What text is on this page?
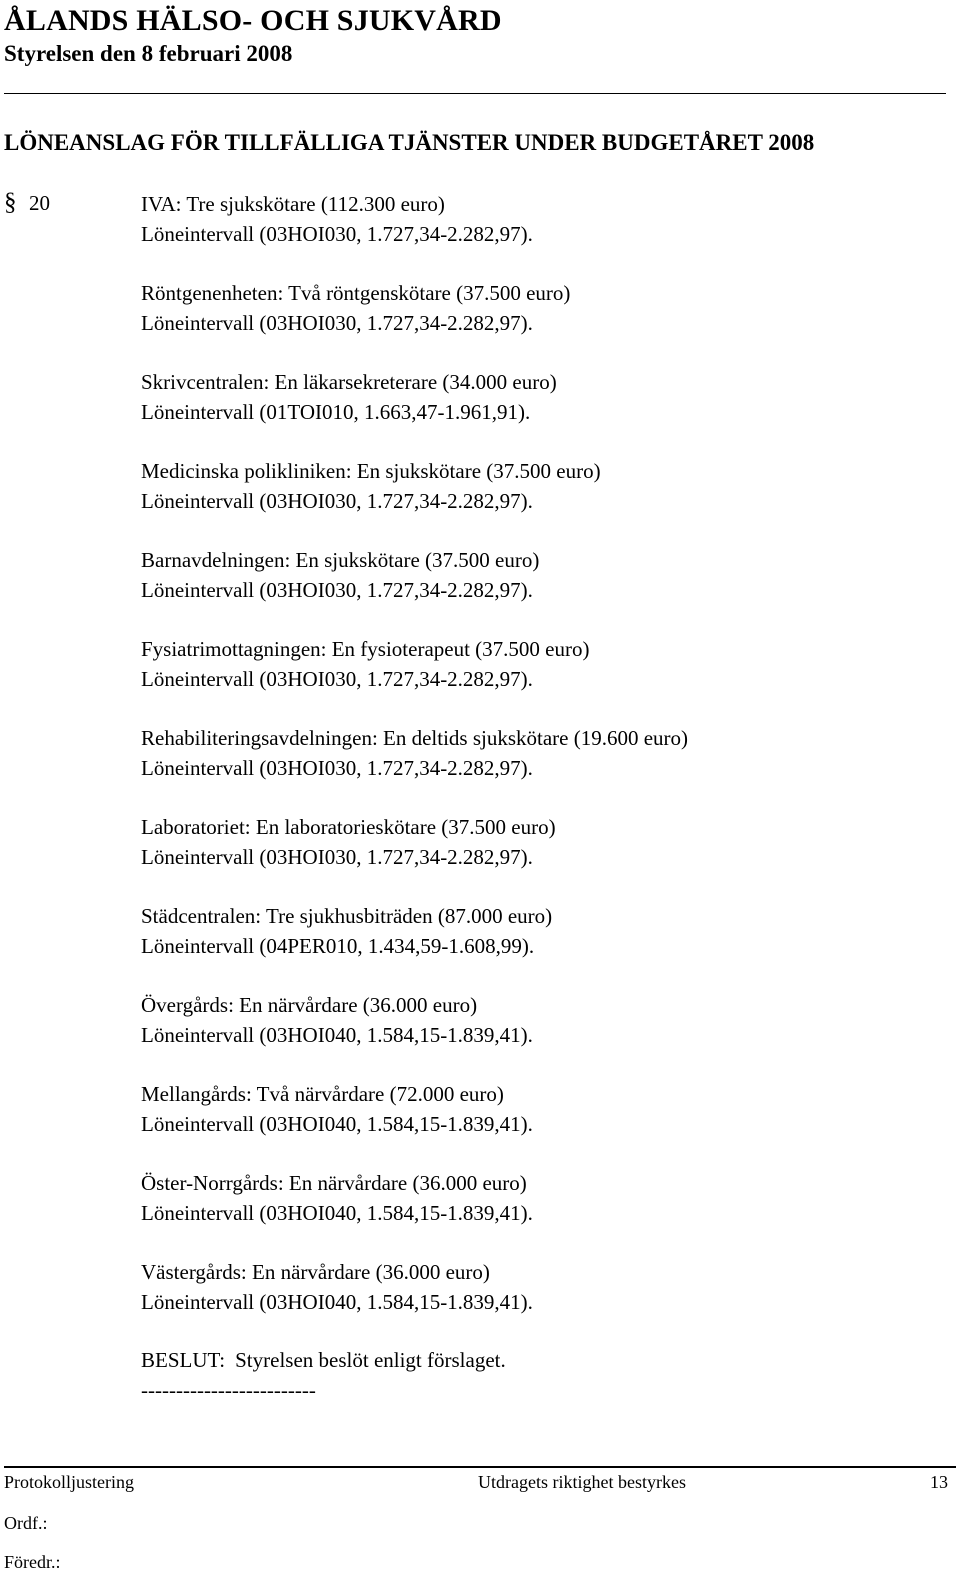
ÅLANDS HÄLSO- OCH SJUKVÅRD
Styrelsen den 8 februari 2008
LÖNEANSLAG FÖR TILLFÄLLIGA TJÄNSTER UNDER BUDGETÅRET 2008
§ 20	IVA: Tre sjukskötare (112.300 euro)
Löneintervall (03HOI030, 1.727,34-2.282,97).
Röntgenenheten: Två röntgenskötare (37.500 euro)
Löneintervall (03HOI030, 1.727,34-2.282,97).
Skrivcentralen: En läkarsekreterare (34.000 euro)
Löneintervall (01TOI010, 1.663,47-1.961,91).
Medicinska polikliniken: En sjukskötare (37.500 euro)
Löneintervall (03HOI030, 1.727,34-2.282,97).
Barnavdelningen: En sjukskötare (37.500 euro)
Löneintervall (03HOI030, 1.727,34-2.282,97).
Fysiatrimottagningen: En fysioterapeut (37.500 euro)
Löneintervall (03HOI030, 1.727,34-2.282,97).
Rehabiliteringsavdelningen: En deltids sjukskötare (19.600 euro)
Löneintervall (03HOI030, 1.727,34-2.282,97).
Laboratoriet: En laboratorieskötare (37.500 euro)
Löneintervall (03HOI030, 1.727,34-2.282,97).
Städcentralen: Tre sjukhusbiträden (87.000 euro)
Löneintervall (04PER010, 1.434,59-1.608,99).
Övergårds: En närvårdare (36.000 euro)
Löneintervall (03HOI040, 1.584,15-1.839,41).
Mellangårds: Två närvårdare (72.000 euro)
Löneintervall (03HOI040, 1.584,15-1.839,41).
Öster-Norrgårds: En närvårdare (36.000 euro)
Löneintervall (03HOI040, 1.584,15-1.839,41).
Västergårds: En närvårdare (36.000 euro)
Löneintervall (03HOI040, 1.584,15-1.839,41).
BESLUT: Styrelsen beslöt enligt förslaget.
-------------------------
Protokolljustering	Utdragets riktighet bestyrkes	13
Ordf.:
Föredr.:
